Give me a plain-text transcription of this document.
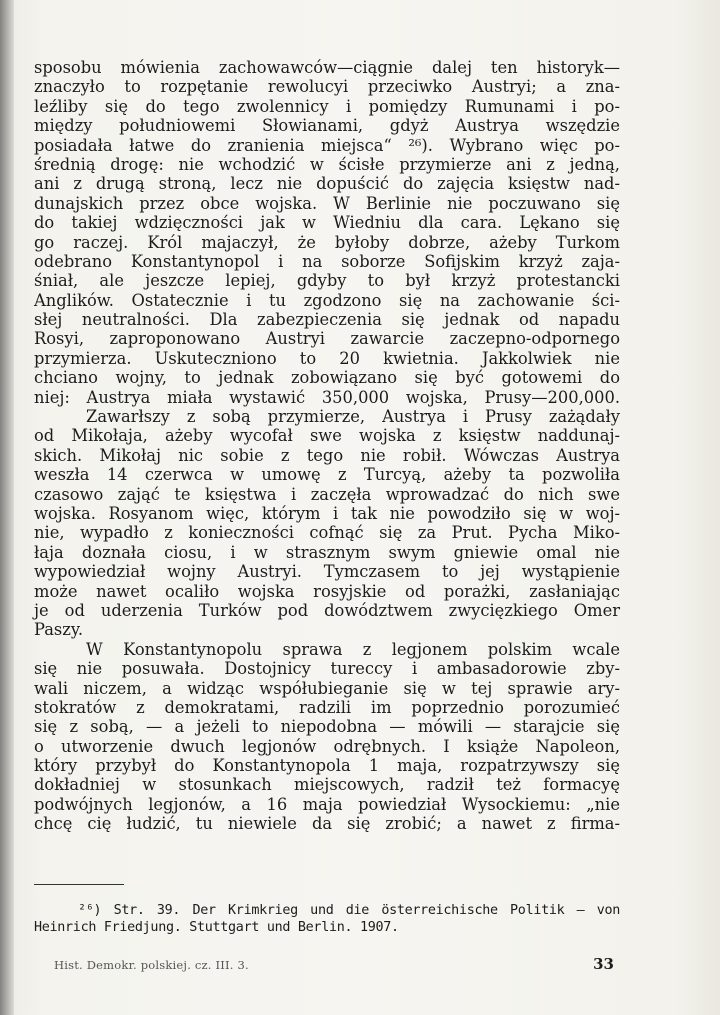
sposobu mówienia zachowawców—ciągnie dalej ten historyk—
znaczyło to rozpętanie rewolucyi przeciwko Austryi; a zna-
leźliby się do tego zwolennicy i pomiędzy Rumunami i po-
między południowemi Słowianami, gdyż Austrya wszędzie
posiadała łatwe do zranienia miejsca“ ²⁶). Wybrano więc po-
średnią drogę: nie wchodzić w ścisłe przymierze ani z jedną,
ani z drugą stroną, lecz nie dopuścić do zajęcia księstw nad-
dunajskich przez obce wojska. W Berlinie nie poczuwano się
do takiej wdzięczności jak w Wiedniu dla cara. Lękano się
go raczej. Król majaczył, że byłoby dobrze, ażeby Turkom
odebrano Konstantynopol i na soborze Sofijskim krzyż zaja-
śniał, ale jeszcze lepiej, gdyby to był krzyż protestancki
Anglików. Ostatecznie i tu zgodzono się na zachowanie ści-
słej neutralności. Dla zabezpieczenia się jednak od napadu
Rosyi, zaproponowano Austryi zawarcie zaczepno-odpornego
przymierza. Uskuteczniono to 20 kwietnia. Jakkolwiek nie
chciano wojny, to jednak zobowiązano się być gotowemi do
niej: Austrya miała wystawić 350,000 wojska, Prusy—200,000.
Zawarłszy z sobą przymierze, Austrya i Prusy zażądały
od Mikołaja, ażeby wycofał swe wojska z księstw naddunaj-
skich. Mikołaj nic sobie z tego nie robił. Wówczas Austrya
weszła 14 czerwca w umowę z Turcyą, ażeby ta pozwoliła
czasowo zająć te księstwa i zaczęła wprowadzać do nich swe
wojska. Rosyanom więc, którym i tak nie powodziło się w woj-
nie, wypadło z konieczności cofnąć się za Prut. Pycha Miko-
łaja doznała ciosu, i w strasznym swym gniewie omal nie
wypowiedział wojny Austryi. Tymczasem to jej wystąpienie
może nawet ocaliło wojska rosyjskie od porażki, zasłaniając
je od uderzenia Turków pod dowództwem zwycięzkiego Omer
Paszy.
W Konstantynopolu sprawa z legjonem polskim wcale
się nie posuwała. Dostojnicy tureccy i ambasadorowie zby-
wali niczem, a widząc współubieganie się w tej sprawie ary-
stokratów z demokratami, radzili im poprzednio porozumieć
się z sobą, — a jeżeli to niepodobna — mówili — starajcie się
o utworzenie dwuch legjonów odrębnych. I książe Napoleon,
który przybył do Konstantynopola 1 maja, rozpatrzywszy się
dokładniej w stosunkach miejscowych, radził też formacyę
podwójnych legjonów, a 16 maja powiedział Wysockiemu: „nie
chcę cię łudzić, tu niewiele da się zrobić; a nawet z firma-
²⁶) Str. 39. Der Krimkrieg und die österreichische Politik — von
Heinrich Friedjung. Stuttgart und Berlin. 1907.
Hist. Demokr. polskiej. cz. III. 3.	33
